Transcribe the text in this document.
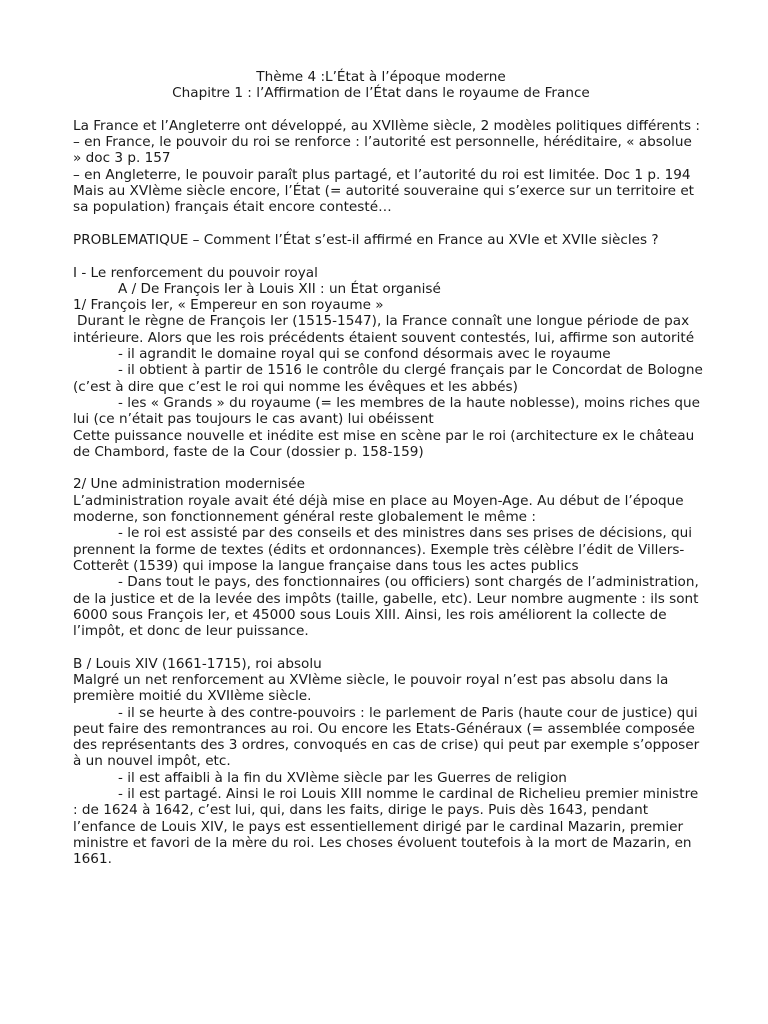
Thème 4 :L’État à l’époque moderne

Chapitre 1 : l’Affirmation de l’État dans le royaume de France

La France et l’Angleterre ont développé, au XVIIème siècle, 2 modèles politiques différents :

– en France, le pouvoir du roi se renforce : l’autorité est personnelle, héréditaire, « absolue » doc 3 p. 157

– en Angleterre, le pouvoir paraît plus partagé, et l’autorité du roi est limitée. Doc 1 p. 194 Mais au XVIème siècle encore, l’État (= autorité souveraine qui s’exerce sur un territoire et sa population) français était encore contesté…

PROBLEMATIQUE – Comment l’État s’est-il affirmé en France au XVIe et XVIIe siècles ?

I - Le renforcement du pouvoir royal

A / De François Ier à Louis XII : un État organisé

1/ François Ier, « Empereur en son royaume »

Durant le règne de François Ier (1515-1547), la France connaît une longue période de pax intérieure. Alors que les rois précédents étaient souvent contestés, lui, affirme son autorité

- il agrandit le domaine royal qui se confond désormais avec le royaume

- il obtient à partir de 1516 le contrôle du clergé français par le Concordat de Bologne (c’est à dire que c’est le roi qui nomme les évêques et les abbés)

- les « Grands » du royaume (= les membres de la haute noblesse), moins riches que lui (ce n’était pas toujours le cas avant) lui obéissent

Cette puissance nouvelle et inédite est mise en scène par le roi (architecture ex le château de Chambord, faste de la Cour (dossier p. 158-159)

2/ Une administration modernisée

L’administration royale avait été déjà mise en place au Moyen-Age. Au début de l’époque moderne, son fonctionnement général reste globalement le même :

- le roi est assisté par des conseils et des ministres dans ses prises de décisions, qui prennent la forme de textes (édits et ordonnances). Exemple très célèbre l’édit de Villers-Cotterêt (1539) qui impose la langue française dans tous les actes publics

- Dans tout le pays, des fonctionnaires (ou officiers) sont chargés de l’administration, de la justice et de la levée des impôts (taille, gabelle, etc). Leur nombre augmente : ils sont 6000 sous François Ier, et 45000 sous Louis XIII. Ainsi, les rois améliorent la collecte de l’impôt, et donc de leur puissance.

B / Louis XIV (1661-1715), roi absolu

Malgré un net renforcement au XVIème siècle, le pouvoir royal n’est pas absolu dans la première moitié du XVIIème siècle.

- il se heurte à des contre-pouvoirs : le parlement de Paris (haute cour de justice) qui peut faire des remontrances au roi. Ou encore les Etats-Généraux (= assemblée composée des représentants des 3 ordres, convoqués en cas de crise) qui peut par exemple s’opposer à un nouvel impôt, etc.

- il est affaibli à la fin du XVIème siècle par les Guerres de religion

- il est partagé. Ainsi le roi Louis XIII nomme le cardinal de Richelieu premier ministre : de 1624 à 1642, c’est lui, qui, dans les faits, dirige le pays. Puis dès 1643, pendant l’enfance de Louis XIV, le pays est essentiellement dirigé par le cardinal Mazarin, premier ministre et favori de la mère du roi. Les choses évoluent toutefois à la mort de Mazarin, en 1661.
